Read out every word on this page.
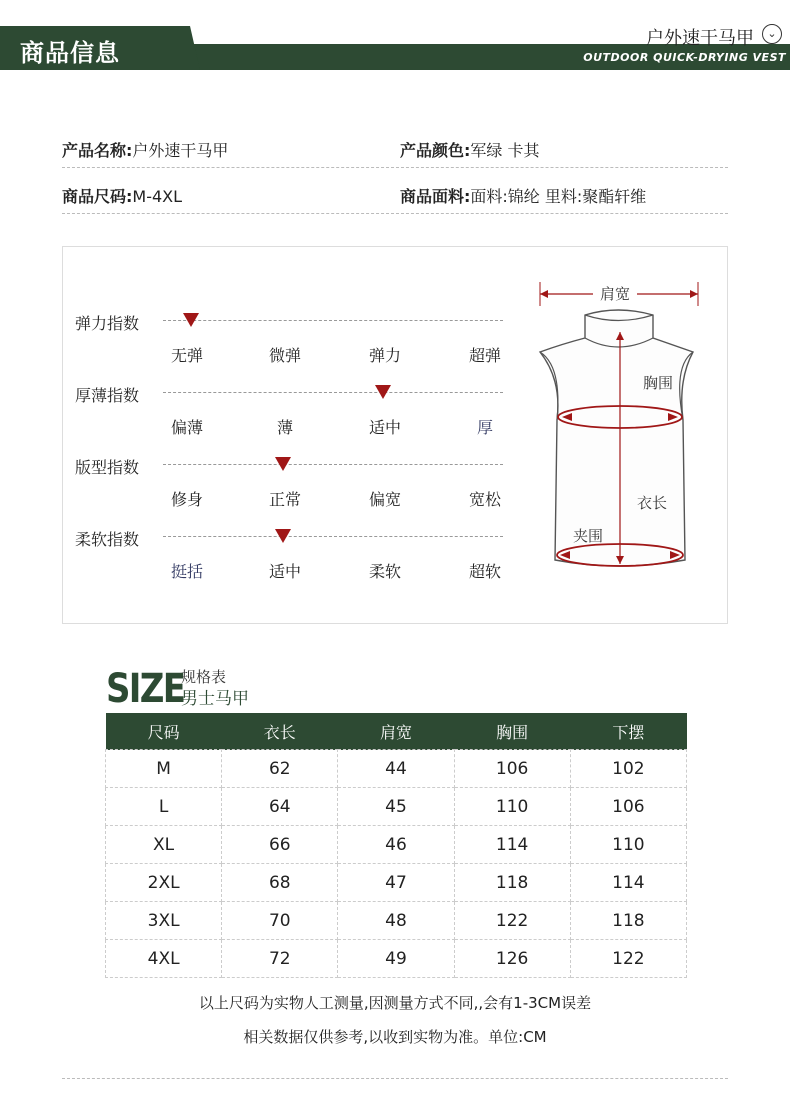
商品信息
户外速干马甲	⌄
OUTDOOR QUICK-DRYING VEST
产品名称:户外速干马甲	产品颜色:军绿 卡其
商品尺码:M-4XL	商品面料:面料:锦纶 里料:聚酯轩维
弹力指数
无弹	微弹	弹力	超弹
厚薄指数
偏薄	薄	适中	厚
版型指数
修身	正常	偏宽	宽松
柔软指数
挺括	适中	柔软	超软
肩宽
胸围
衣长
夹围
SIZE
规格表
男士马甲
尺码	衣长	肩宽	胸围	下摆
M	62	44	106	102
L	64	45	110	106
XL	66	46	114	110
2XL	68	47	118	114
3XL	70	48	122	118
4XL	72	49	126	122
以上尺码为实物人工测量,因测量方式不同,,会有1-3CM误差
相关数据仅供参考,以收到实物为准。单位:CM
